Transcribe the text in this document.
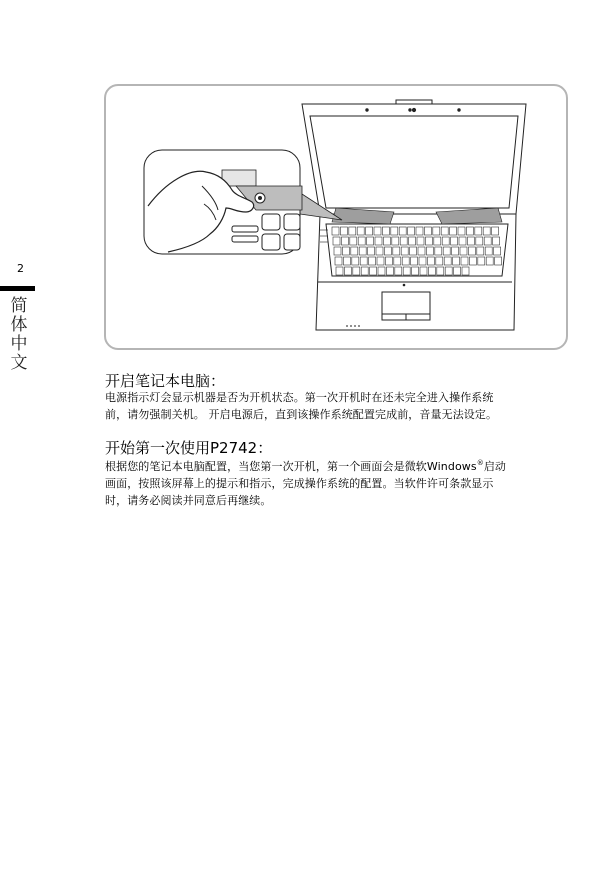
2
简
体
中
文
开启笔记本电脑：

电源指示灯会显示机器是否为开机状态。第一次开机时在还未完全进入操作系统
前，请勿强制关机。 开启电源后，直到该操作系统配置完成前，音量无法设定。

开始第一次使用P2742：

根据您的笔记本电脑配置，当您第一次开机，第一个画面会是微软Windows®启动
画面，按照该屏幕上的提示和指示，完成操作系统的配置。当软件许可条款显示
时，请务必阅读并同意后再继续。
